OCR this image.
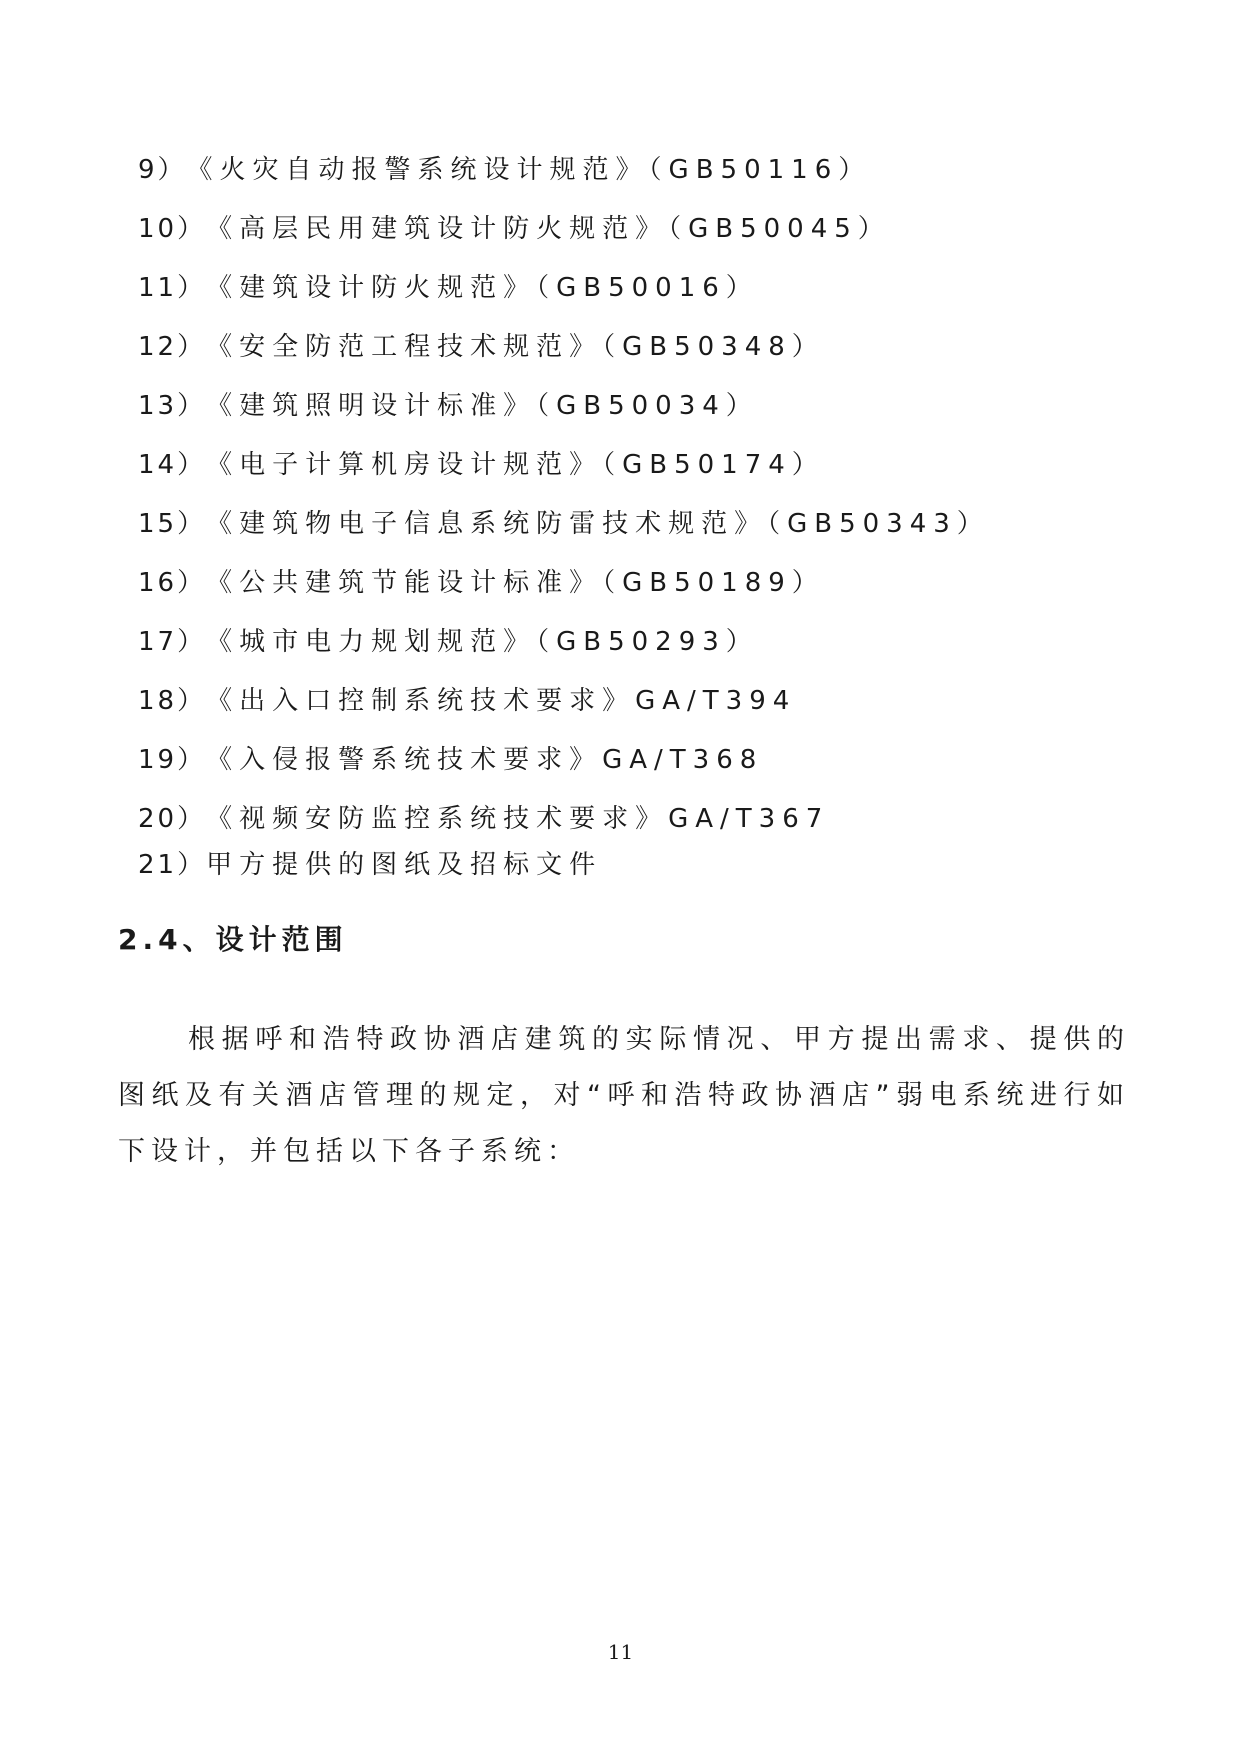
9）《火灾自动报警系统设计规范》（GB50116）
10）《高层民用建筑设计防火规范》（GB50045）
11）《建筑设计防火规范》（GB50016）
12）《安全防范工程技术规范》（GB50348）
13）《建筑照明设计标准》（GB50034）
14）《电子计算机房设计规范》（GB50174）
15）《建筑物电子信息系统防雷技术规范》（GB50343）
16）《公共建筑节能设计标准》（GB50189）
17）《城市电力规划规范》（GB50293）
18）《出入口控制系统技术要求》GA/T394
19）《入侵报警系统技术要求》GA/T368
20）《视频安防监控系统技术要求》GA/T367
21）甲方提供的图纸及招标文件
2.4、设计范围

根据呼和浩特政协酒店建筑的实际情况、甲方提出需求、提供的图纸及有关酒店管理的规定，对“呼和浩特政协酒店”弱电系统进行如下设计，并包括以下各子系统：

11
